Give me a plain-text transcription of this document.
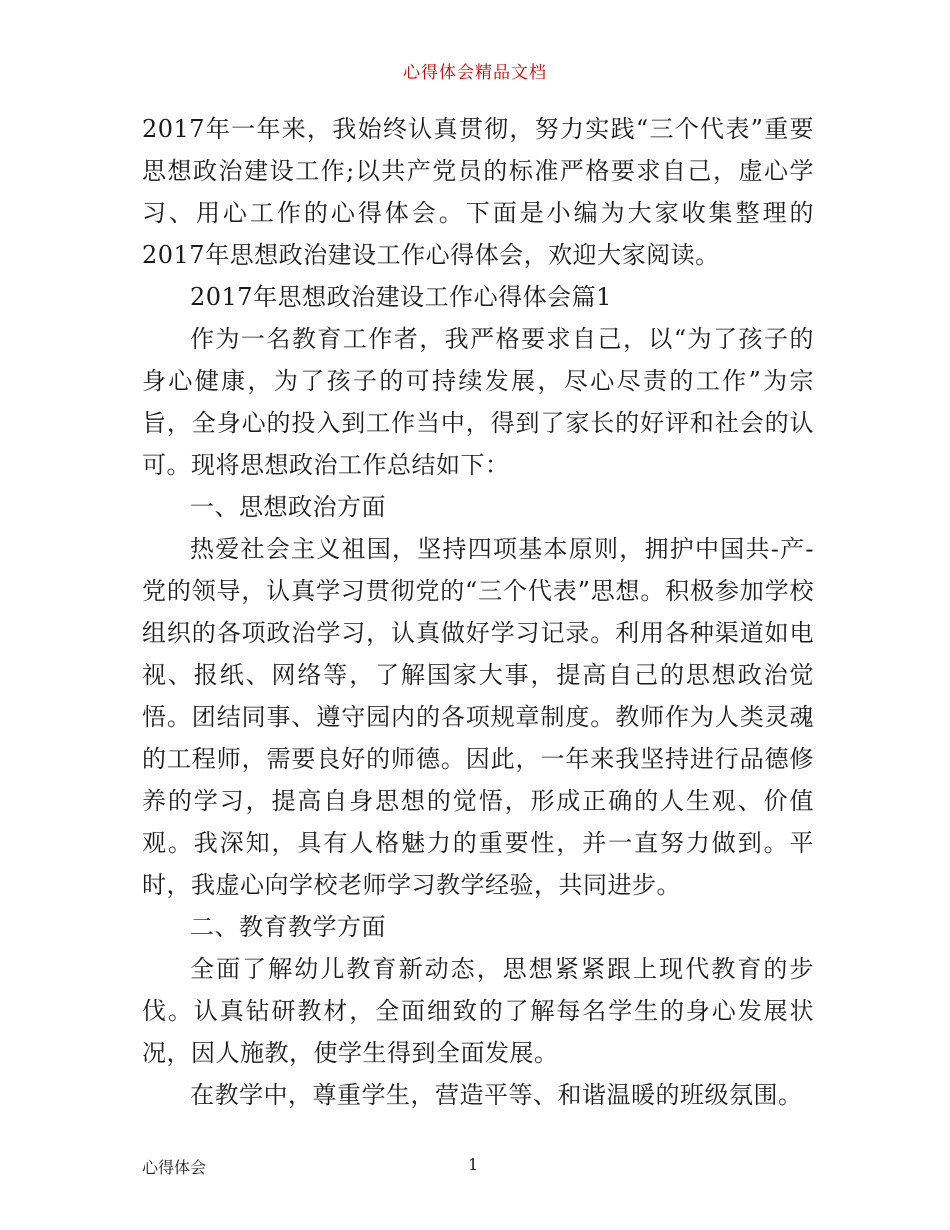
心得体会精品文档

2017年一年来，我始终认真贯彻，努力实践“三个代表”重要思想政治建设工作;以共产党员的标准严格要求自己，虚心学习、用心工作的心得体会。下面是小编为大家收集整理的2017年思想政治建设工作心得体会，欢迎大家阅读。

2017年思想政治建设工作心得体会篇1

作为一名教育工作者，我严格要求自己，以“为了孩子的身心健康，为了孩子的可持续发展，尽心尽责的工作”为宗旨，全身心的投入到工作当中，得到了家长的好评和社会的认可。现将思想政治工作总结如下：

一、思想政治方面

热爱社会主义祖国，坚持四项基本原则，拥护中国共-产-党的领导，认真学习贯彻党的“三个代表”思想。积极参加学校组织的各项政治学习，认真做好学习记录。利用各种渠道如电视、报纸、网络等，了解国家大事，提高自己的思想政治觉悟。团结同事、遵守园内的各项规章制度。教师作为人类灵魂的工程师，需要良好的师德。因此，一年来我坚持进行品德修养的学习，提高自身思想的觉悟，形成正确的人生观、价值观。我深知，具有人格魅力的重要性，并一直努力做到。平时，我虚心向学校老师学习教学经验，共同进步。

二、教育教学方面

全面了解幼儿教育新动态，思想紧紧跟上现代教育的步伐。认真钻研教材，全面细致的了解每名学生的身心发展状况，因人施教，使学生得到全面发展。

在教学中，尊重学生，营造平等、和谐温暖的班级氛围。

心得体会	1
